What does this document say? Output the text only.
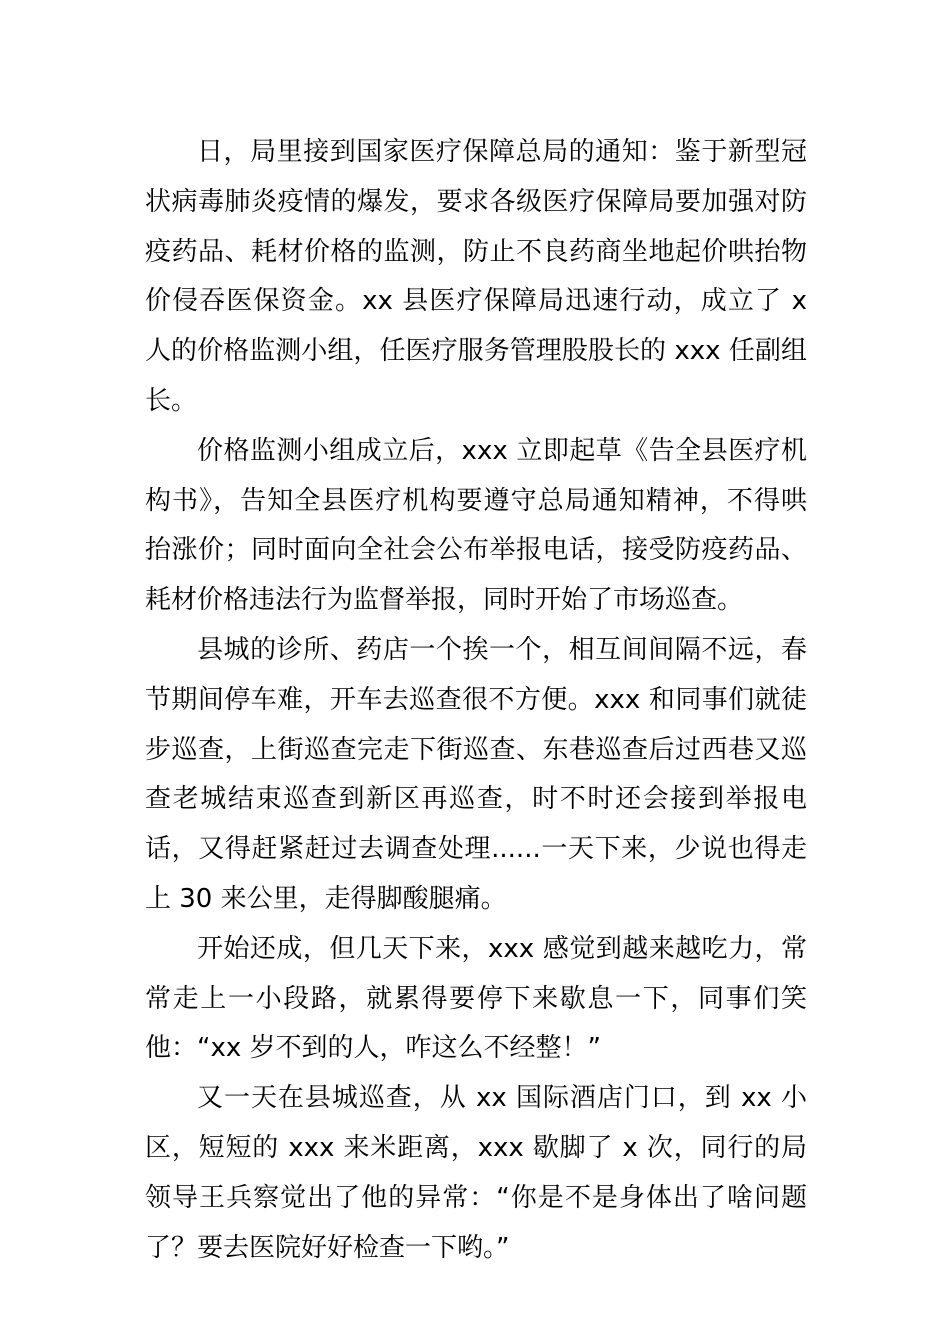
日，局里接到国家医疗保障总局的通知：鉴于新型冠状病毒肺炎疫情的爆发，要求各级医疗保障局要加强对防疫药品、耗材价格的监测，防止不良药商坐地起价哄抬物价侵吞医保资金。xx 县医疗保障局迅速行动，成立了 x 人的价格监测小组，任医疗服务管理股股长的 xxx 任副组长。

价格监测小组成立后，xxx 立即起草《告全县医疗机构书》，告知全县医疗机构要遵守总局通知精神，不得哄抬涨价；同时面向全社会公布举报电话，接受防疫药品、耗材价格违法行为监督举报，同时开始了市场巡查。

县城的诊所、药店一个挨一个，相互间间隔不远，春节期间停车难，开车去巡查很不方便。xxx 和同事们就徒步巡查，上街巡查完走下街巡查、东巷巡查后过西巷又巡查老城结束巡查到新区再巡查，时不时还会接到举报电话，又得赶紧赶过去调查处理......一天下来，少说也得走上 30 来公里，走得脚酸腿痛。

开始还成，但几天下来，xxx 感觉到越来越吃力，常常走上一小段路，就累得要停下来歇息一下，同事们笑他：“xx 岁不到的人，咋这么不经整！”

又一天在县城巡查，从 xx 国际酒店门口，到 xx 小区，短短的 xxx 来米距离，xxx 歇脚了 x 次，同行的局领导王兵察觉出了他的异常：“你是不是身体出了啥问题了？要去医院好好检查一下哟。”
